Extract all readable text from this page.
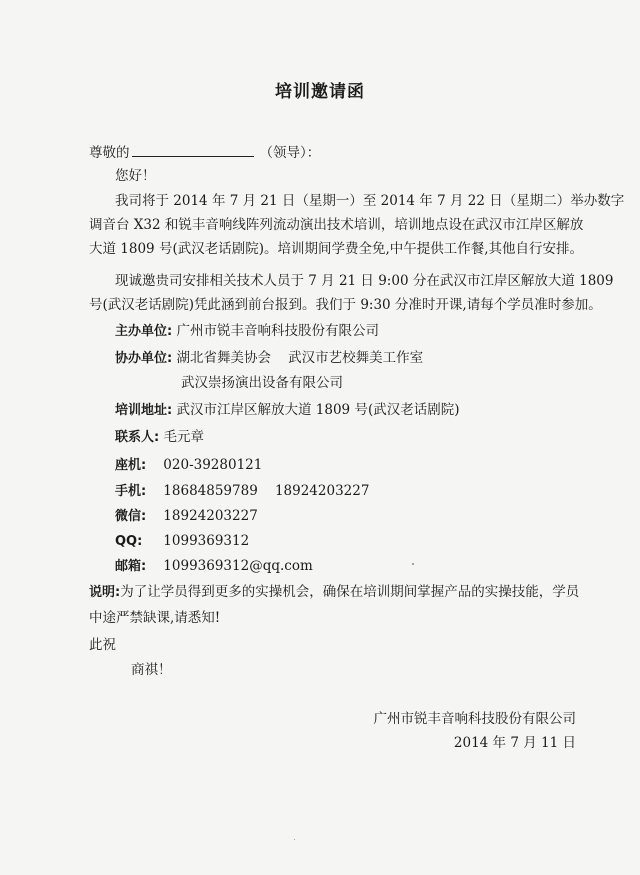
培训邀请函
尊敬的	（领导）：
您好！
我司将于 2014 年 7 月 21 日（星期一）至 2014 年 7 月 22 日（星期二）举办数字
调音台 X32 和锐丰音响线阵列流动演出技术培训，培训地点设在武汉市江岸区解放
大道 1809 号(武汉老话剧院)。培训期间学费全免,中午提供工作餐,其他自行安排。
现诚邀贵司安排相关技术人员于 7 月 21 日 9:00 分在武汉市江岸区解放大道 1809
号(武汉老话剧院)凭此涵到前台报到。我们于 9:30 分准时开课,请每个学员准时参加。
主办单位: 广州市锐丰音响科技股份有限公司
协办单位: 湖北省舞美协会    武汉市艺校舞美工作室
武汉崇扬演出设备有限公司
培训地址: 武汉市江岸区解放大道 1809 号(武汉老话剧院)
联系人: 毛元章
座机: 020-39280121
手机: 18684859789    18924203227
微信: 18924203227
QQ: 1099369312
邮箱: 1099369312@qq.com
说明:为了让学员得到更多的实操机会，确保在培训期间掌握产品的实操技能，学员
中途严禁缺课,请悉知!
此祝
商祺！
广州市锐丰音响科技股份有限公司
2014 年 7 月 11 日
